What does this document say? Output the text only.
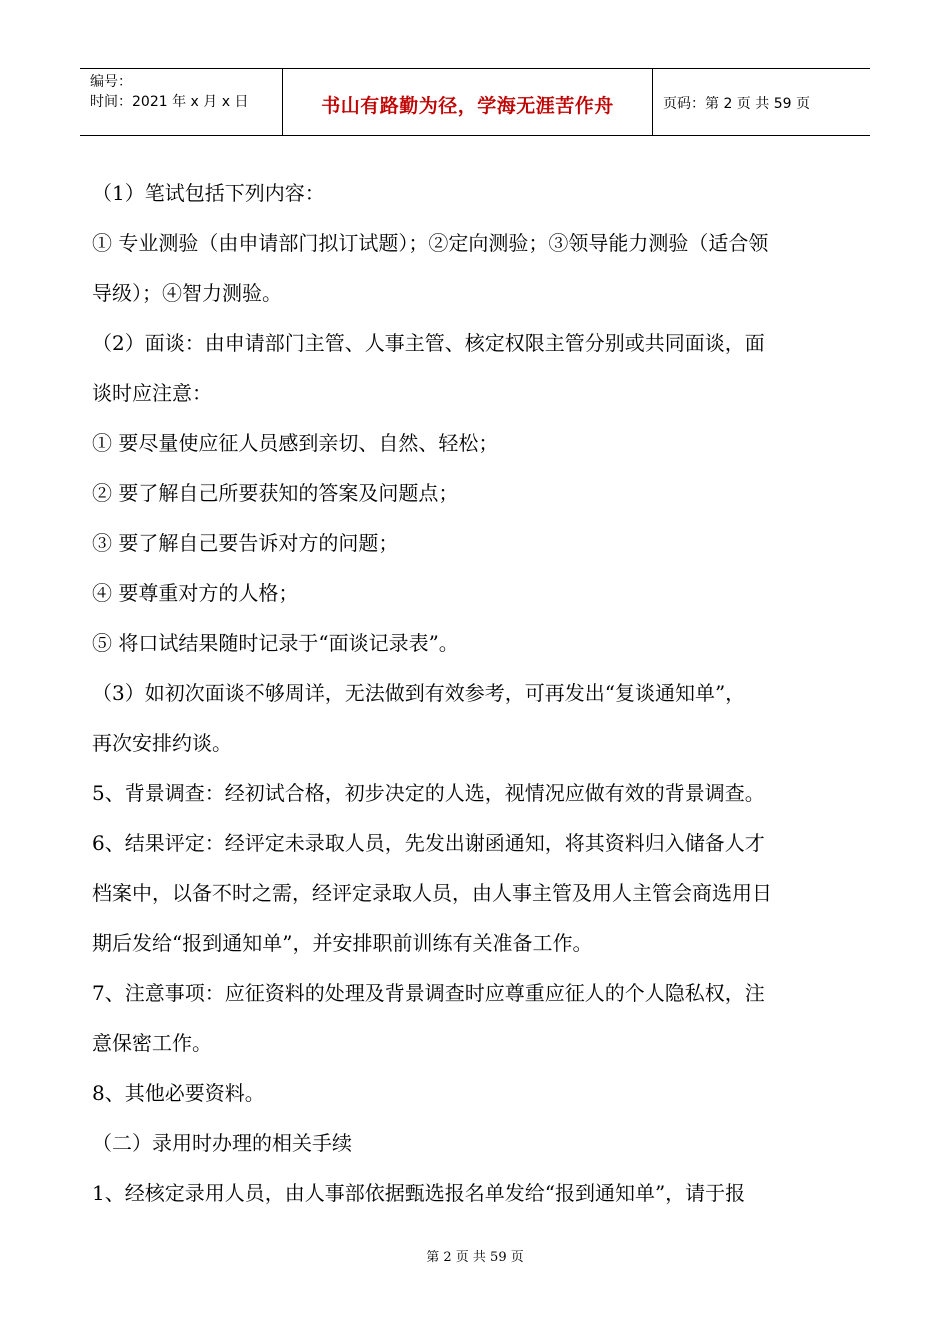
编号：
时间：2021 年 x 月 x 日	书山有路勤为径，学海无涯苦作舟	页码：第 2 页 共 59 页
（1）笔试包括下列内容：
① 专业测验（由申请部门拟订试题）；②定向测验；③领导能力测验（适合领
导级）；④智力测验。
（2）面谈：由申请部门主管、人事主管、核定权限主管分别或共同面谈，面
谈时应注意：
① 要尽量使应征人员感到亲切、自然、轻松；
② 要了解自己所要获知的答案及问题点；
③ 要了解自己要告诉对方的问题；
④ 要尊重对方的人格；
⑤ 将口试结果随时记录于“面谈记录表”。
（3）如初次面谈不够周详，无法做到有效参考，可再发出“复谈通知单”，
再次安排约谈。
5、背景调查：经初试合格，初步决定的人选，视情况应做有效的背景调查。
6、结果评定：经评定未录取人员，先发出谢函通知，将其资料归入储备人才
档案中，以备不时之需，经评定录取人员，由人事主管及用人主管会商选用日
期后发给“报到通知单”，并安排职前训练有关准备工作。
7、注意事项：应征资料的处理及背景调查时应尊重应征人的个人隐私权，注
意保密工作。
8、其他必要资料。
（二）录用时办理的相关手续
1、经核定录用人员，由人事部依据甄选报名单发给“报到通知单”，请于报
第 2 页 共 59 页
